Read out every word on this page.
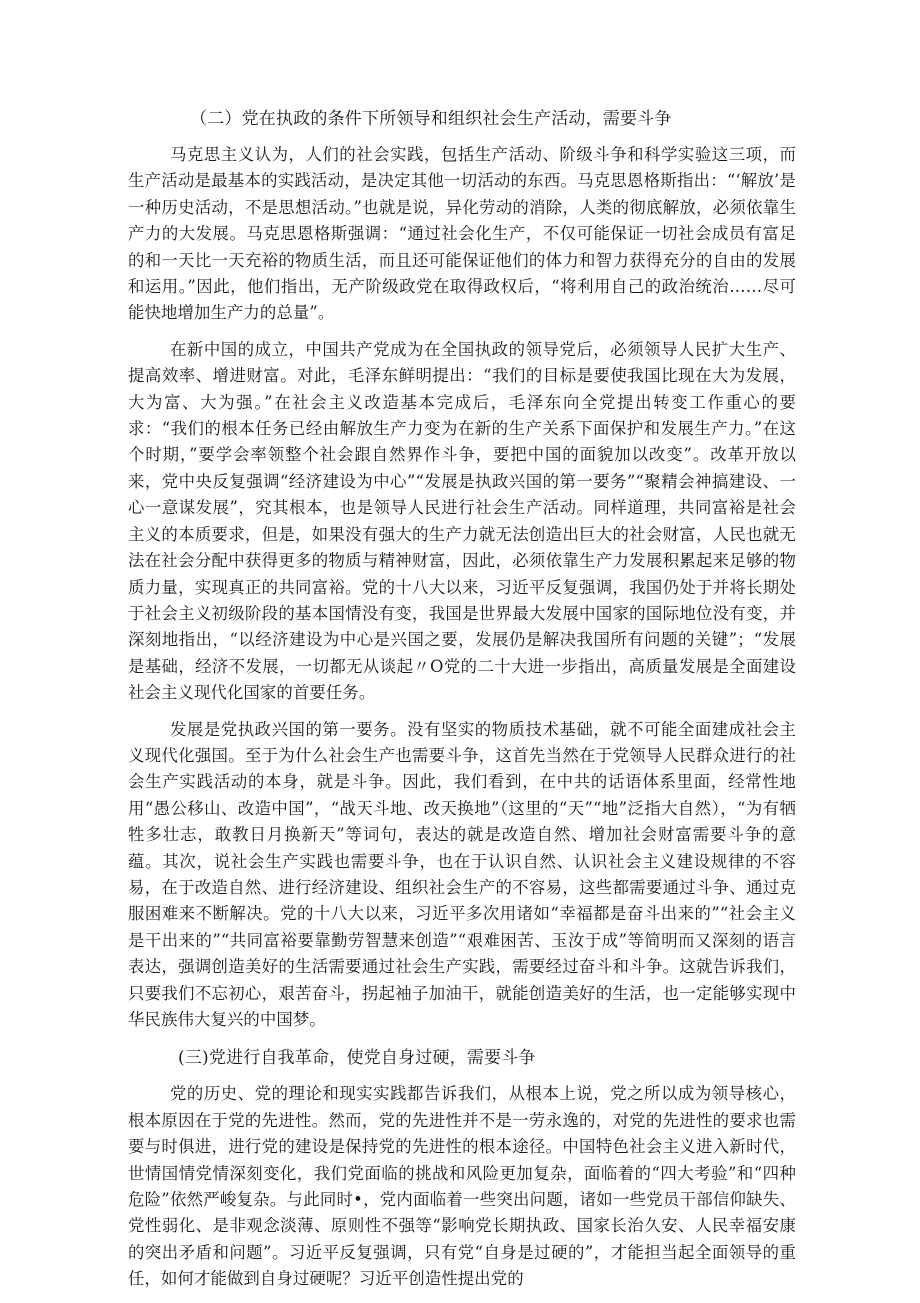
（二）党在执政的条件下所领导和组织社会生产活动，需要斗争

马克思主义认为，人们的社会实践，包括生产活动、阶级斗争和科学实验这三项，而生产活动是最基本的实践活动，是决定其他一切活动的东西。马克思恩格斯指出：“‘解放’是一种历史活动，不是思想活动。”也就是说，异化劳动的消除，人类的彻底解放，必须依靠生产力的大发展。马克思恩格斯强调：“通过社会化生产，不仅可能保证一切社会成员有富足的和一天比一天充裕的物质生活，而且还可能保证他们的体力和智力获得充分的自由的发展和运用。”因此，他们指出，无产阶级政党在取得政权后，“将利用自己的政治统治……尽可能快地增加生产力的总量”。

在新中国的成立，中国共产党成为在全国执政的领导党后，必须领导人民扩大生产、提高效率、增进财富。对此，毛泽东鲜明提出：“我们的目标是要使我国比现在大为发展，大为富、大为强。”在社会主义改造基本完成后，毛泽东向全党提出转变工作重心的要求：“我们的根本任务已经由解放生产力变为在新的生产关系下面保护和发展生产力。”在这个时期，”要学会率领整个社会跟自然界作斗争，要把中国的面貌加以改变”。改革开放以来，党中央反复强调“经济建设为中心”“发展是执政兴国的第一要务”“聚精会神搞建设、一心一意谋发展”，究其根本，也是领导人民进行社会生产活动。同样道理，共同富裕是社会主义的本质要求，但是，如果没有强大的生产力就无法创造出巨大的社会财富，人民也就无法在社会分配中获得更多的物质与精神财富，因此，必须依靠生产力发展积累起来足够的物质力量，实现真正的共同富裕。党的十八大以来，习近平反复强调，我国仍处于并将长期处于社会主义初级阶段的基本国情没有变，我国是世界最大发展中国家的国际地位没有变，并深刻地指出，“以经济建设为中心是兴国之要，发展仍是解决我国所有问题的关键”；“发展是基础，经济不发展，一切都无从谈起〃O党的二十大进一步指出，高质量发展是全面建设社会主义现代化国家的首要任务。

发展是党执政兴国的第一要务。没有坚实的物质技术基础，就不可能全面建成社会主义现代化强国。至于为什么社会生产也需要斗争，这首先当然在于党领导人民群众进行的社会生产实践活动的本身，就是斗争。因此，我们看到，在中共的话语体系里面，经常性地用“愚公移山、改造中国”，“战天斗地、改天换地”（这里的“天”“地”泛指大自然），“为有牺牲多壮志，敢教日月换新天”等词句，表达的就是改造自然、增加社会财富需要斗争的意蕴。其次，说社会生产实践也需要斗争，也在于认识自然、认识社会主义建设规律的不容易，在于改造自然、进行经济建设、组织社会生产的不容易，这些都需要通过斗争、通过克服困难来不断解决。党的十八大以来，习近平多次用诸如“幸福都是奋斗出来的”“社会主义是干出来的”“共同富裕要靠勤劳智慧来创造”“艰难困苦、玉汝于成”等简明而又深刻的语言表达，强调创造美好的生活需要通过社会生产实践，需要经过奋斗和斗争。这就告诉我们，只要我们不忘初心，艰苦奋斗，拐起袖子加油干，就能创造美好的生活，也一定能够实现中华民族伟大复兴的中国梦。

(三)党进行自我革命，使党自身过硬，需要斗争

党的历史、党的理论和现实实践都告诉我们，从根本上说，党之所以成为领导核心，根本原因在于党的先进性。然而，党的先进性并不是一劳永逸的，对党的先进性的要求也需要与时俱进，进行党的建设是保持党的先进性的根本途径。中国特色社会主义进入新时代，世情国情党情深刻变化，我们党面临的挑战和风险更加复杂，面临着的“四大考验”和“四种危险”依然严峻复杂。与此同时•，党内面临着一些突出问题，诸如一些党员干部信仰缺失、党性弱化、是非观念淡薄、原则性不强等“影响党长期执政、国家长治久安、人民幸福安康的突出矛盾和问题”。习近平反复强调，只有党“自身是过硬的”，才能担当起全面领导的重任，如何才能做到自身过硬呢？习近平创造性提出党的
